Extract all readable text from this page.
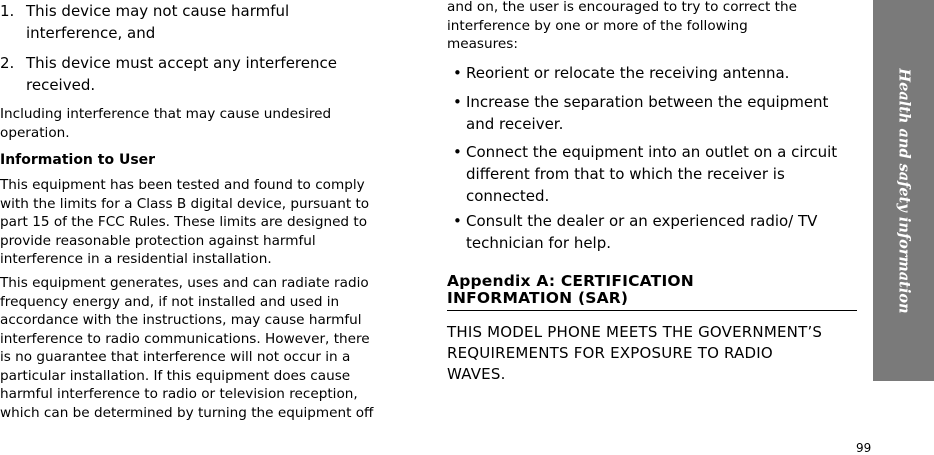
1. This device may not cause harmful
interference, and
2. This device must accept any interference
received.
Including interference that may cause undesired
operation.
Information to User
This equipment has been tested and found to comply
with the limits for a Class B digital device, pursuant to
part 15 of the FCC Rules. These limits are designed to
provide reasonable protection against harmful
interference in a residential installation.
This equipment generates, uses and can radiate radio
frequency energy and, if not installed and used in
accordance with the instructions, may cause harmful
interference to radio communications. However, there
is no guarantee that interference will not occur in a
particular installation. If this equipment does cause
harmful interference to radio or television reception,
which can be determined by turning the equipment off
and on, the user is encouraged to try to correct the
interference by one or more of the following
measures:
• Reorient or relocate the receiving antenna.
• Increase the separation between the equipment
and receiver.
• Connect the equipment into an outlet on a circuit
different from that to which the receiver is
connected.
• Consult the dealer or an experienced radio/ TV
technician for help.
Appendix A: CERTIFICATION
INFORMATION (SAR)
THIS MODEL PHONE MEETS THE GOVERNMENT’S
REQUIREMENTS FOR EXPOSURE TO RADIO
WAVES.
Health and safety information
99
